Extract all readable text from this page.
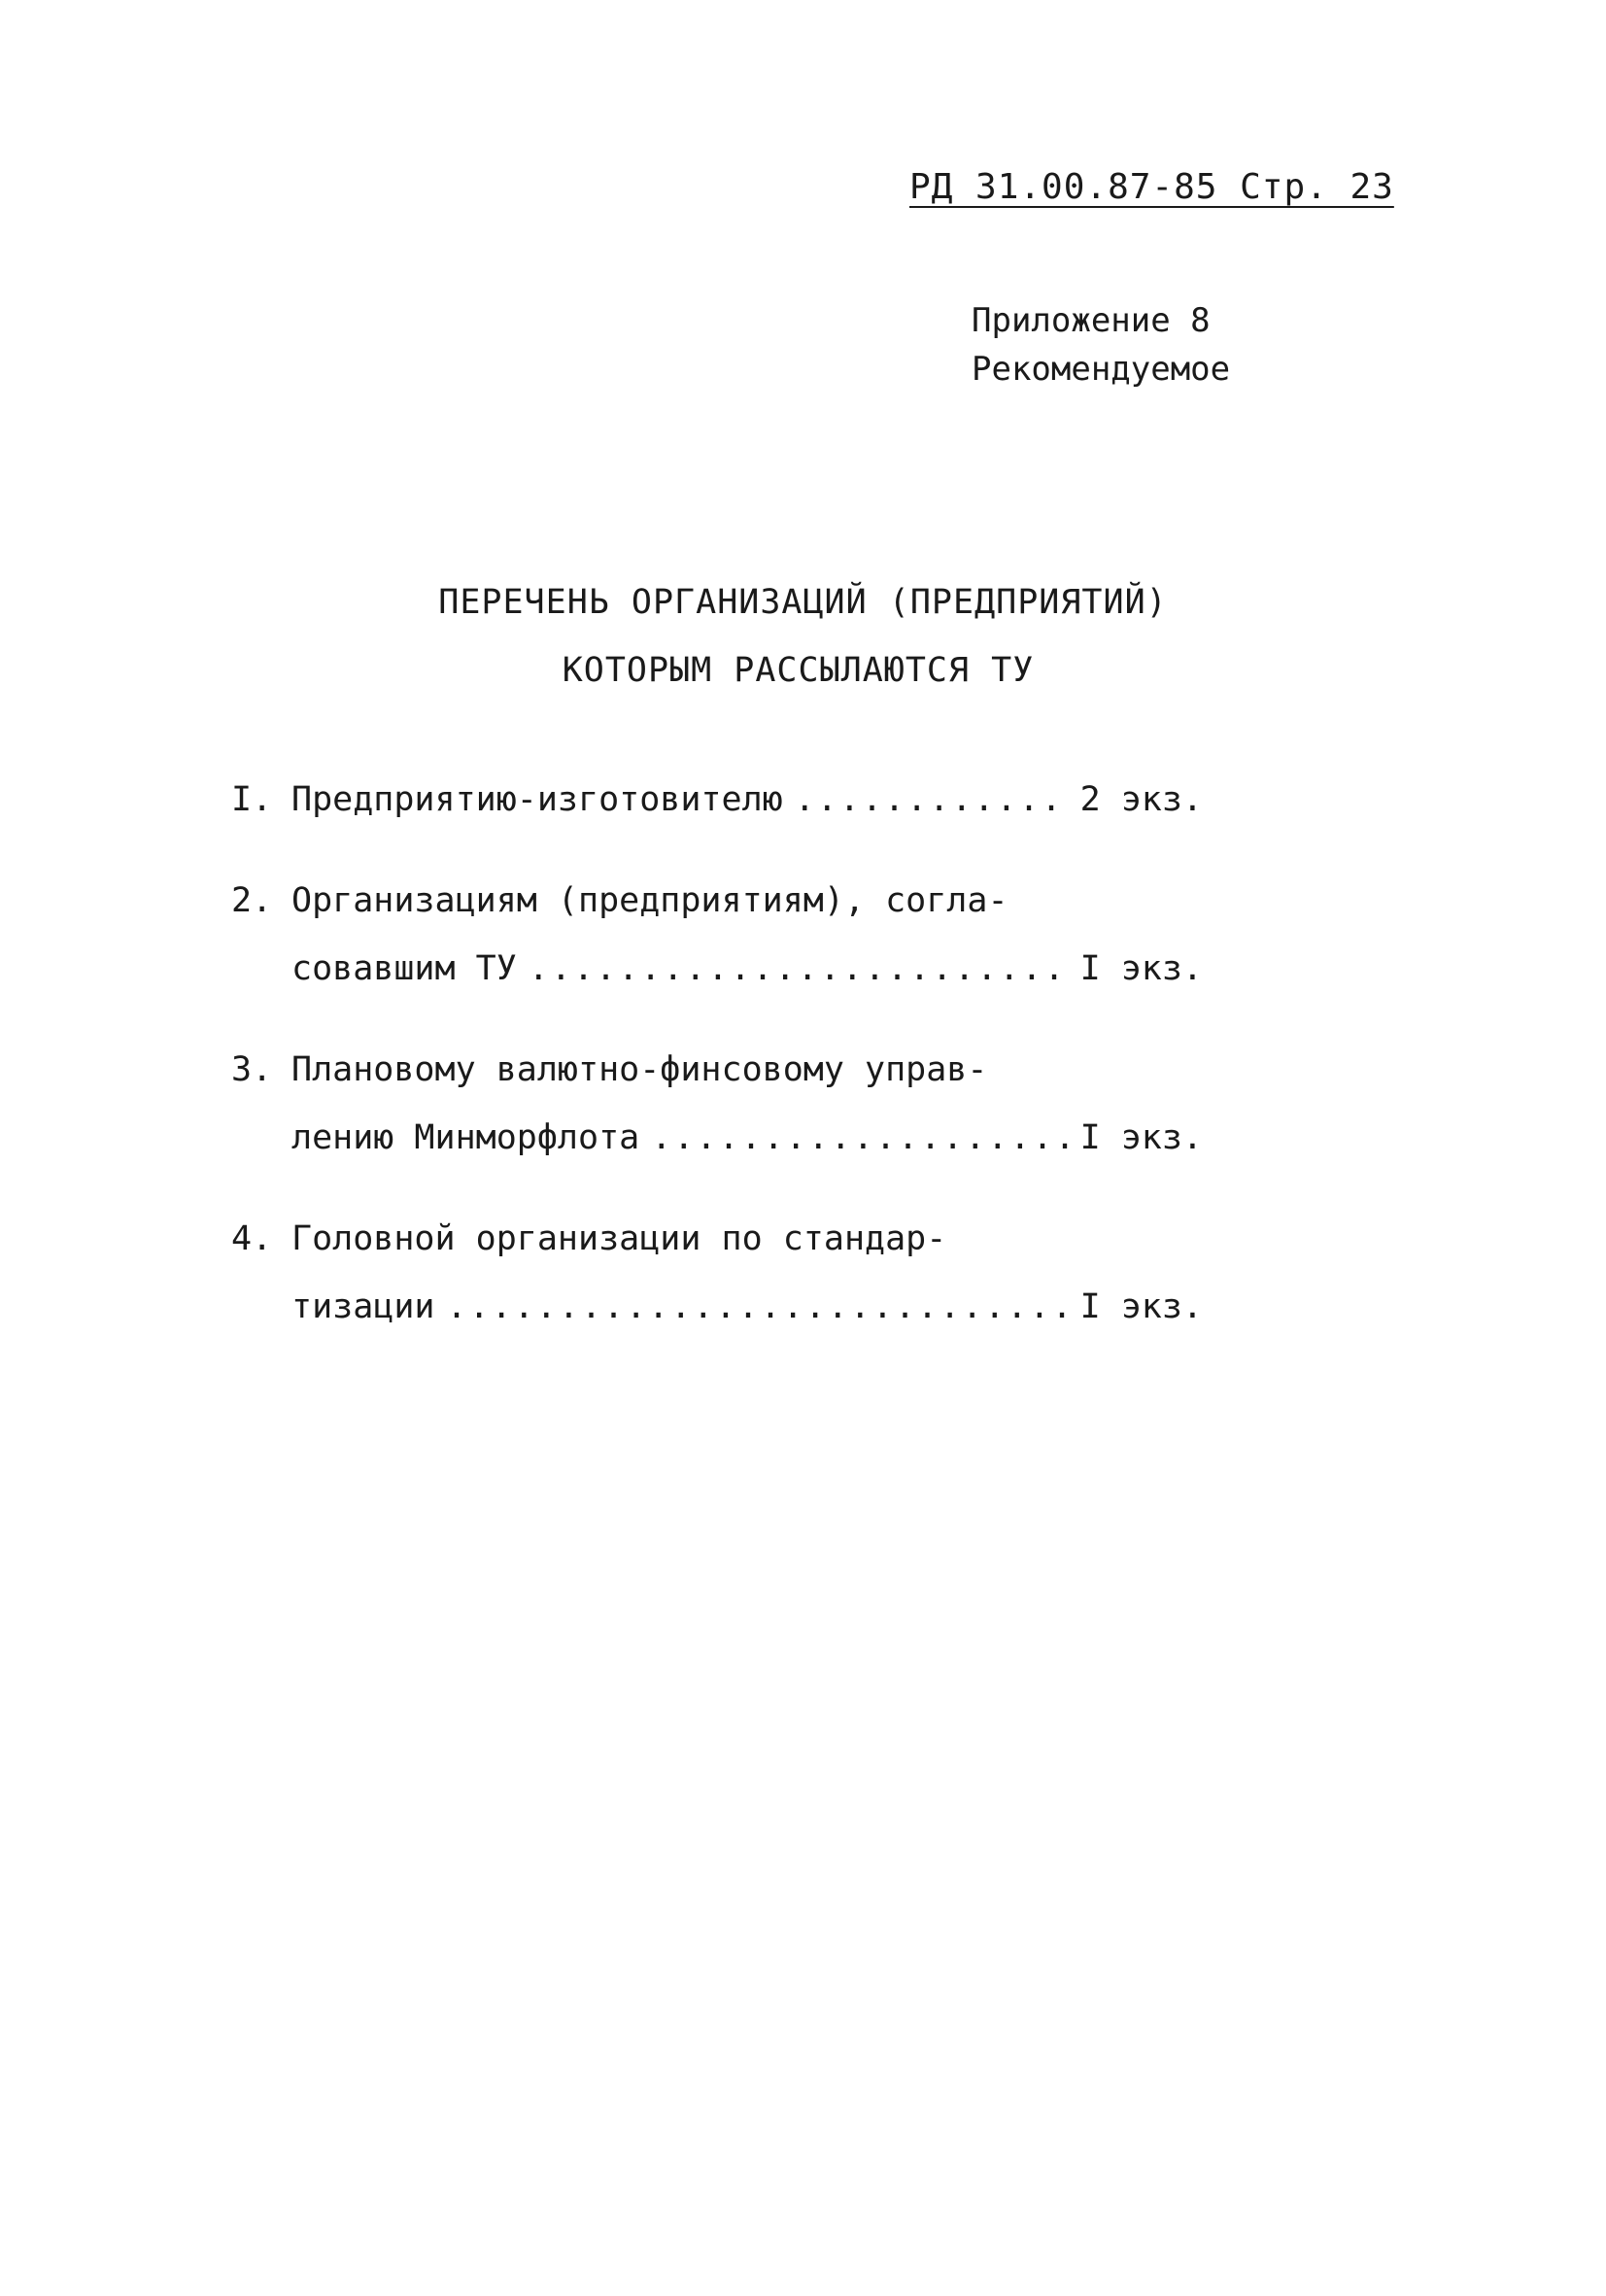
РД 31.00.87-85 Стр. 23
Приложение 8
Рекомендуемое
ПЕРЕЧЕНЬ ОРГАНИЗАЦИЙ (ПРЕДПРИЯТИЙ)
КОТОРЫМ РАССЫЛАЮТСЯ ТУ
I. Предприятию-изготовителю .....	2 экз.
2. Организациям (предприятиям), согла-
совавшим ТУ .....	I экз.
3. Плановому валютно-финсовому управ-
лению Минморфлота .....	I экз.
4. Головной организации по стандар-
тизации .....	I экз.
